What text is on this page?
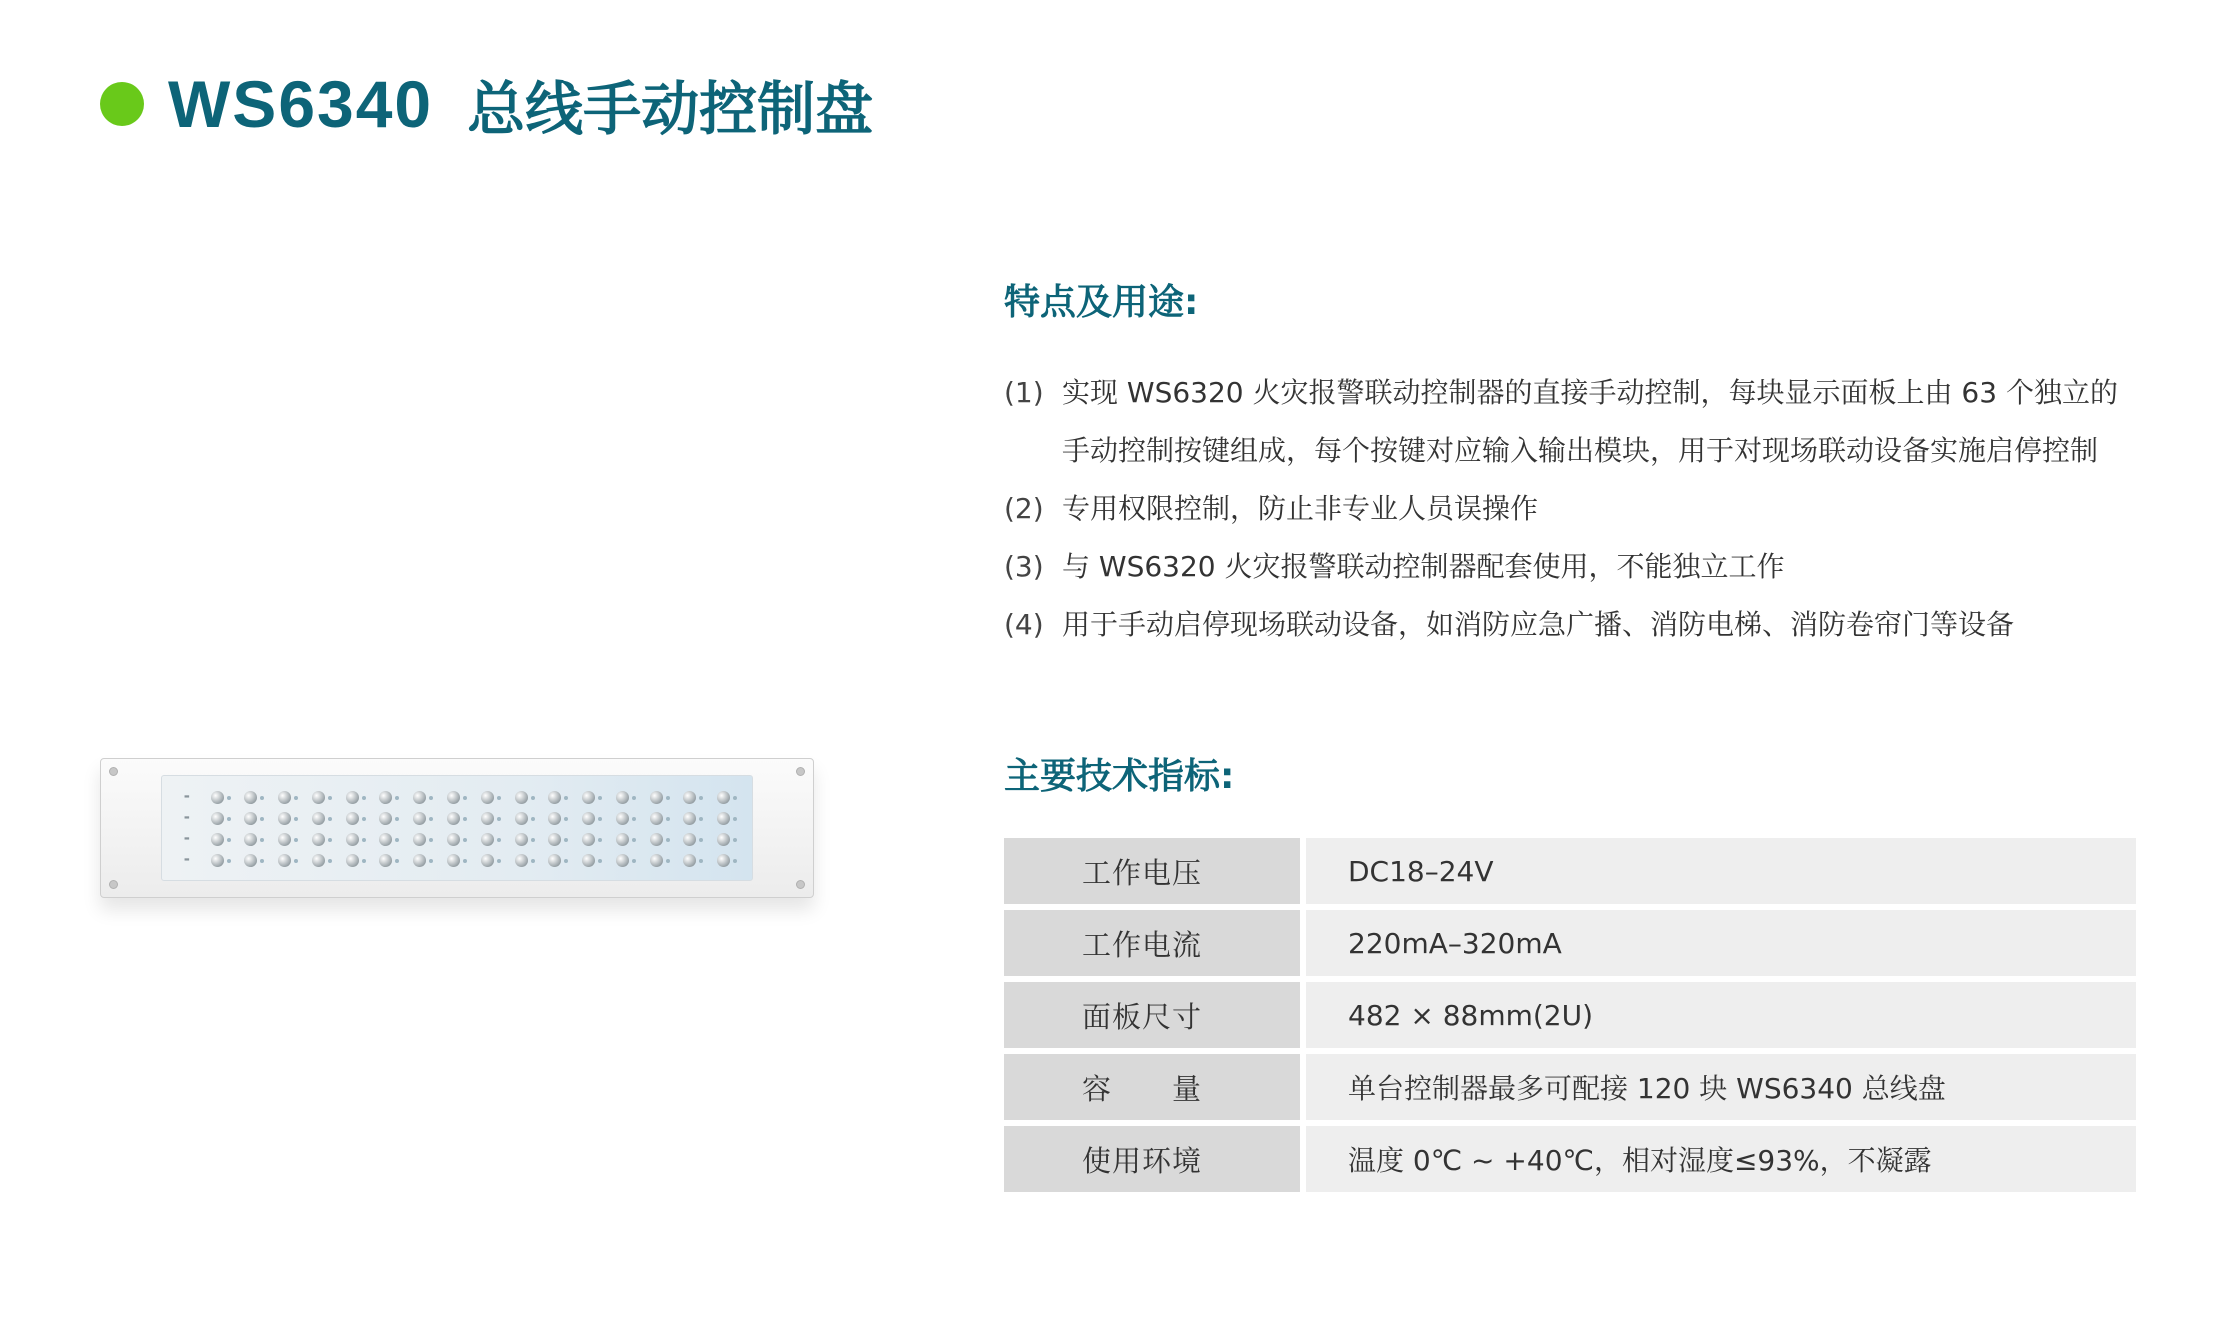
WS6340 总线手动控制盘
▬
▬
▬
▬
特点及用途:
(1) 实现 WS6320 火灾报警联动控制器的直接手动控制，每块显示面板上由 63 个独立的手动控制按键组成，每个按键对应输入输出模块，用于对现场联动设备实施启停控制
(2) 专用权限控制，防止非专业人员误操作
(3) 与 WS6320 火灾报警联动控制器配套使用，不能独立工作
(4) 用于手动启停现场联动设备，如消防应急广播、消防电梯、消防卷帘门等设备
主要技术指标:
工作电压	DC18–24V
工作电流	220mA–320mA
面板尺寸	482 × 88mm(2U)
容　　量	单台控制器最多可配接 120 块 WS6340 总线盘
使用环境	温度 0℃ ~ +40℃，相对湿度≤93%，不凝露
